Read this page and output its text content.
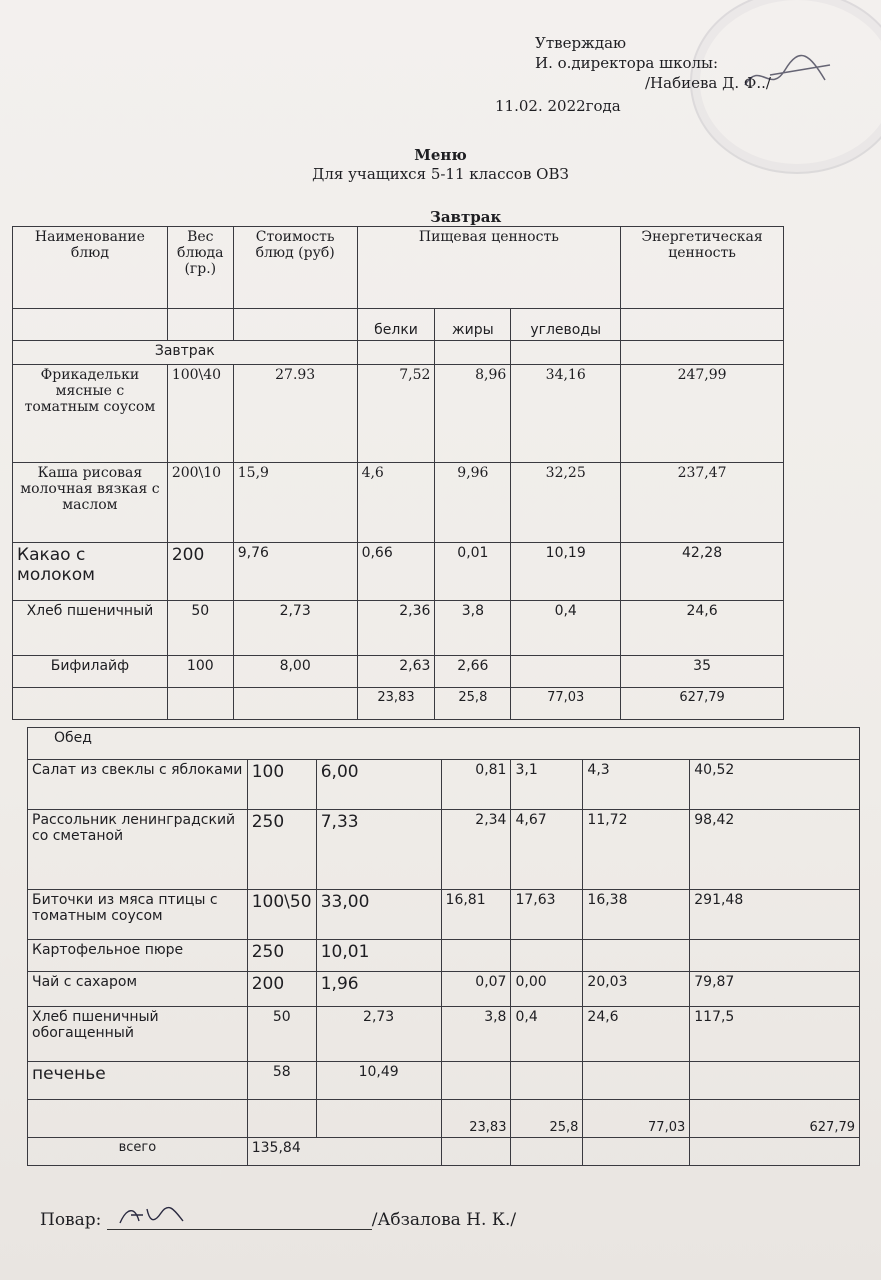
Утверждаю
И. о.директора школы:
/Набиева Д. Ф../
11.02. 2022года
Меню
Для учащихся 5-11 классов ОВЗ
Завтрак
Наименование блюд	Вес блюда (гр.)	Стоимость блюд (руб)	Пищевая ценность			Энергетическая ценность
			белки	жиры	углеводы	
Завтрак						
Фрикадельки мясные с томатным соусом	100\40	27.93	7,52	8,96	34,16	247,99
Каша рисовая молочная вязкая с маслом	200\10	15,9	4,6	9,96	32,25	237,47
Какао с молоком	200	9,76	0,66	0,01	10,19	42,28
Хлеб пшеничный	50	2,73	2,36	3,8	0,4	24,6
Бифилайф	100	8,00	2,63	2,66		35
			23,83	25,8	77,03	627,79
Обед						
Салат из свеклы с яблоками	100	6,00	0,81	3,1	4,3	40,52
Рассольник ленинградский со сметаной	250	7,33	2,34	4,67	11,72	98,42
Биточки из мяса птицы с томатным соусом	100\50	33,00	16,81	17,63	16,38	291,48
Картофельное пюре	250	10,01				
Чай с сахаром	200	1,96	0,07	0,00	20,03	79,87
Хлеб пшеничный обогащенный	50	2,73	3,8	0,4	24,6	117,5
печенье	58	10,49				
			23,83	25,8	77,03	627,79
всего	135,84					
Повар:	/Абзалова Н. К./
